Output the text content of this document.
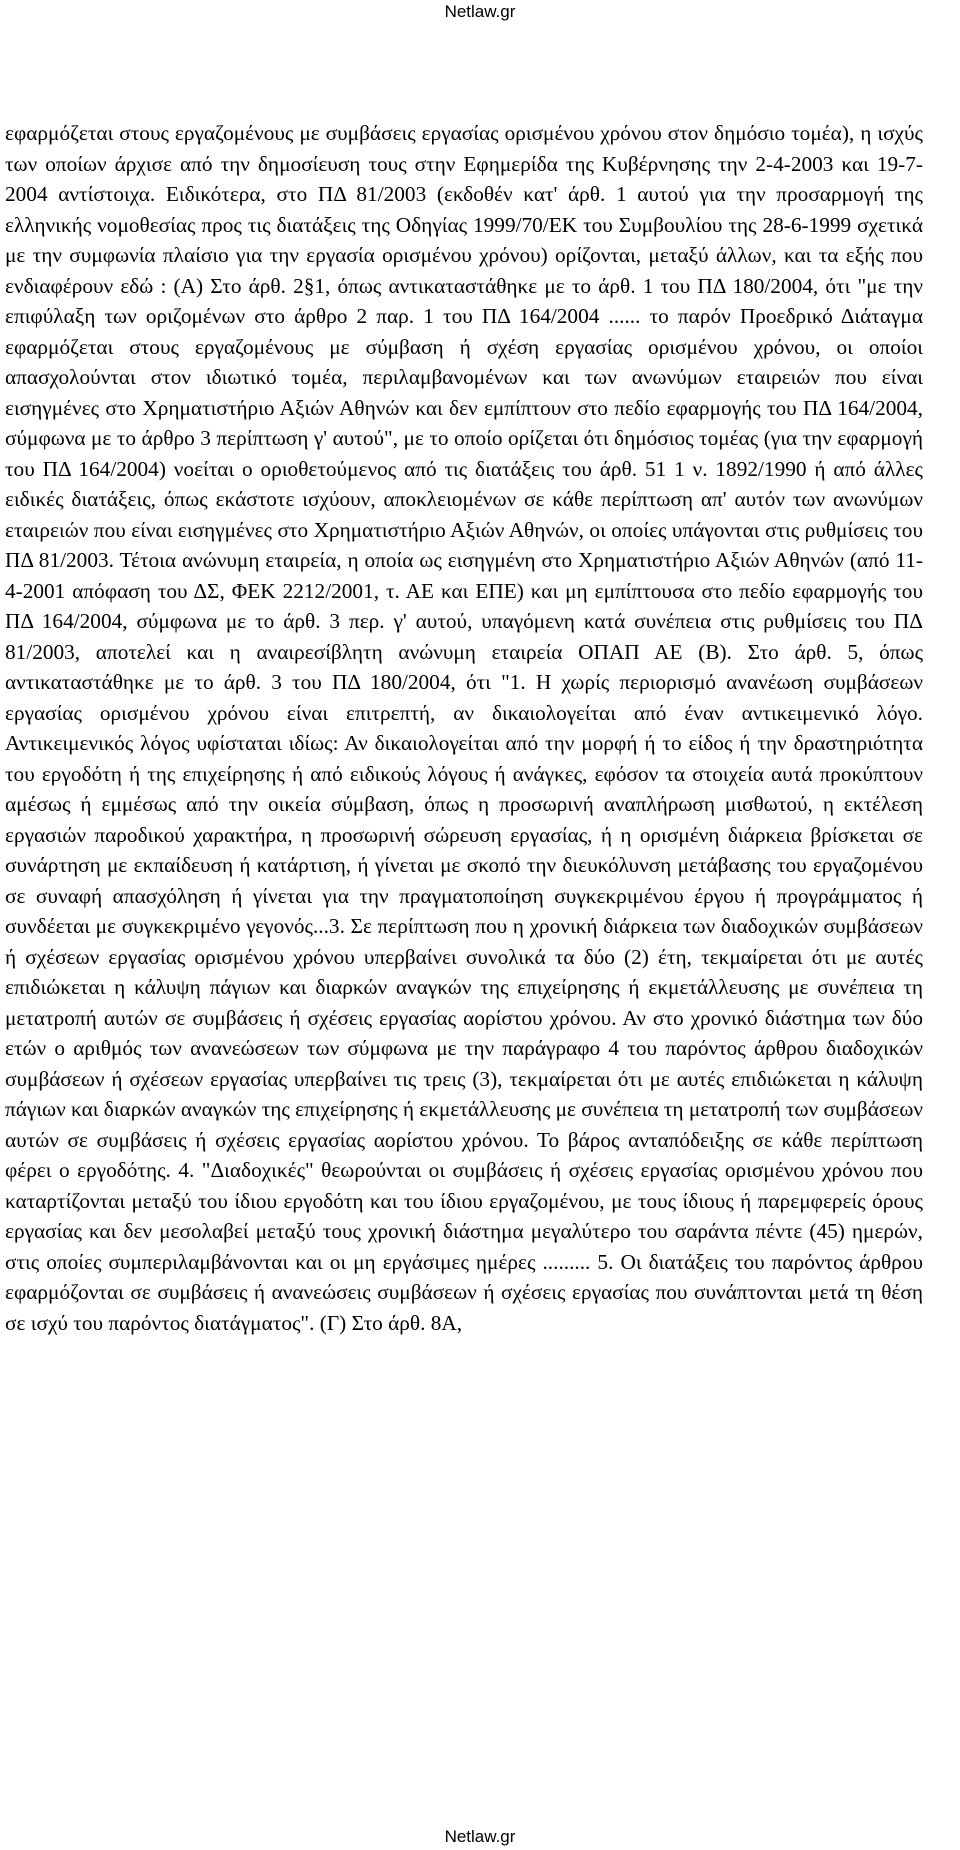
Netlaw.gr

εφαρμόζεται στους εργαζομένους με συμβάσεις εργασίας ορισμένου χρόνου στον δημόσιο τομέα), η ισχύς των οποίων άρχισε από την δημοσίευση τους στην Εφημερίδα της Κυβέρνησης την 2-4-2003 και 19-7-2004 αντίστοιχα. Ειδικότερα, στο ΠΔ 81/2003 (εκδοθέν κατ' άρθ. 1 αυτού για την προσαρμογή της ελληνικής νομοθεσίας προς τις διατάξεις της Οδηγίας 1999/70/ΕΚ του Συμβουλίου της 28-6-1999 σχετικά με την συμφωνία πλαίσιο για την εργασία ορισμένου χρόνου) ορίζονται, μεταξύ άλλων, και τα εξής που ενδιαφέρουν εδώ : (Α) Στο άρθ. 2§1, όπως αντικαταστάθηκε με το άρθ. 1 του ΠΔ 180/2004, ότι "με την επιφύλαξη των οριζομένων στο άρθρο 2 παρ. 1 του ΠΔ 164/2004 ...... το παρόν Προεδρικό Διάταγμα εφαρμόζεται στους εργαζομένους με σύμβαση ή σχέση εργασίας ορισμένου χρόνου, οι οποίοι απασχολούνται στον ιδιωτικό τομέα, περιλαμβανομένων και των ανωνύμων εταιρειών που είναι εισηγμένες στο Χρηματιστήριο Αξιών Αθηνών και δεν εμπίπτουν στο πεδίο εφαρμογής του ΠΔ 164/2004, σύμφωνα με το άρθρο 3 περίπτωση γ' αυτού", με το οποίο ορίζεται ότι δημόσιος τομέας (για την εφαρμογή του ΠΔ 164/2004) νοείται ο οριοθετούμενος από τις διατάξεις του άρθ. 51 1 ν. 1892/1990 ή από άλλες ειδικές διατάξεις, όπως εκάστοτε ισχύουν, αποκλειομένων σε κάθε περίπτωση απ' αυτόν των ανωνύμων εταιρειών που είναι εισηγμένες στο Χρηματιστήριο Αξιών Αθηνών, οι οποίες υπάγονται στις ρυθμίσεις του ΠΔ 81/2003. Τέτοια ανώνυμη εταιρεία, η οποία ως εισηγμένη στο Χρηματιστήριο Αξιών Αθηνών (από 11-4-2001 απόφαση του ΔΣ, ΦΕΚ 2212/2001, τ. ΑΕ και ΕΠΕ) και μη εμπίπτουσα στο πεδίο εφαρμογής του ΠΔ 164/2004, σύμφωνα με το άρθ. 3 περ. γ' αυτού, υπαγόμενη κατά συνέπεια στις ρυθμίσεις του ΠΔ 81/2003, αποτελεί και η αναιρεσίβλητη ανώνυμη εταιρεία ΟΠΑΠ ΑΕ (Β). Στο άρθ. 5, όπως αντικαταστάθηκε με το άρθ. 3 του ΠΔ 180/2004, ότι "1. Η χωρίς περιορισμό ανανέωση συμβάσεων εργασίας ορισμένου χρόνου είναι επιτρεπτή, αν δικαιολογείται από έναν αντικειμενικό λόγο. Αντικειμενικός λόγος υφίσταται ιδίως: Αν δικαιολογείται από την μορφή ή το είδος ή την δραστηριότητα του εργοδότη ή της επιχείρησης ή από ειδικούς λόγους ή ανάγκες, εφόσον τα στοιχεία αυτά προκύπτουν αμέσως ή εμμέσως από την οικεία σύμβαση, όπως η προσωρινή αναπλήρωση μισθωτού, η εκτέλεση εργασιών παροδικού χαρακτήρα, η προσωρινή σώρευση εργασίας, ή η ορισμένη διάρκεια βρίσκεται σε συνάρτηση με εκπαίδευση ή κατάρτιση, ή γίνεται με σκοπό την διευκόλυνση μετάβασης του εργαζομένου σε συναφή απασχόληση ή γίνεται για την πραγματοποίηση συγκεκριμένου έργου ή προγράμματος ή συνδέεται με συγκεκριμένο γεγονός...3. Σε περίπτωση που η χρονική διάρκεια των διαδοχικών συμβάσεων ή σχέσεων εργασίας ορισμένου χρόνου υπερβαίνει συνολικά τα δύο (2) έτη, τεκμαίρεται ότι με αυτές επιδιώκεται η κάλυψη πάγιων και διαρκών αναγκών της επιχείρησης ή εκμετάλλευσης με συνέπεια τη μετατροπή αυτών σε συμβάσεις ή σχέσεις εργασίας αορίστου χρόνου. Αν στο χρονικό διάστημα των δύο ετών ο αριθμός των ανανεώσεων των σύμφωνα με την παράγραφο 4 του παρόντος άρθρου διαδοχικών συμβάσεων ή σχέσεων εργασίας υπερβαίνει τις τρεις (3), τεκμαίρεται ότι με αυτές επιδιώκεται η κάλυψη πάγιων και διαρκών αναγκών της επιχείρησης ή εκμετάλλευσης με συνέπεια τη μετατροπή των συμβάσεων αυτών σε συμβάσεις ή σχέσεις εργασίας αορίστου χρόνου. Το βάρος ανταπόδειξης σε κάθε περίπτωση φέρει ο εργοδότης. 4. "Διαδοχικές" θεωρούνται οι συμβάσεις ή σχέσεις εργασίας ορισμένου χρόνου που καταρτίζονται μεταξύ του ίδιου εργοδότη και του ίδιου εργαζομένου, με τους ίδιους ή παρεμφερείς όρους εργασίας και δεν μεσολαβεί μεταξύ τους χρονική διάστημα μεγαλύτερο του σαράντα πέντε (45) ημερών, στις οποίες συμπεριλαμβάνονται και οι μη εργάσιμες ημέρες ......... 5. Οι διατάξεις του παρόντος άρθρου εφαρμόζονται σε συμβάσεις ή ανανεώσεις συμβάσεων ή σχέσεις εργασίας που συνάπτονται μετά τη θέση σε ισχύ του παρόντος διατάγματος". (Γ) Στο άρθ. 8Α,

Netlaw.gr
